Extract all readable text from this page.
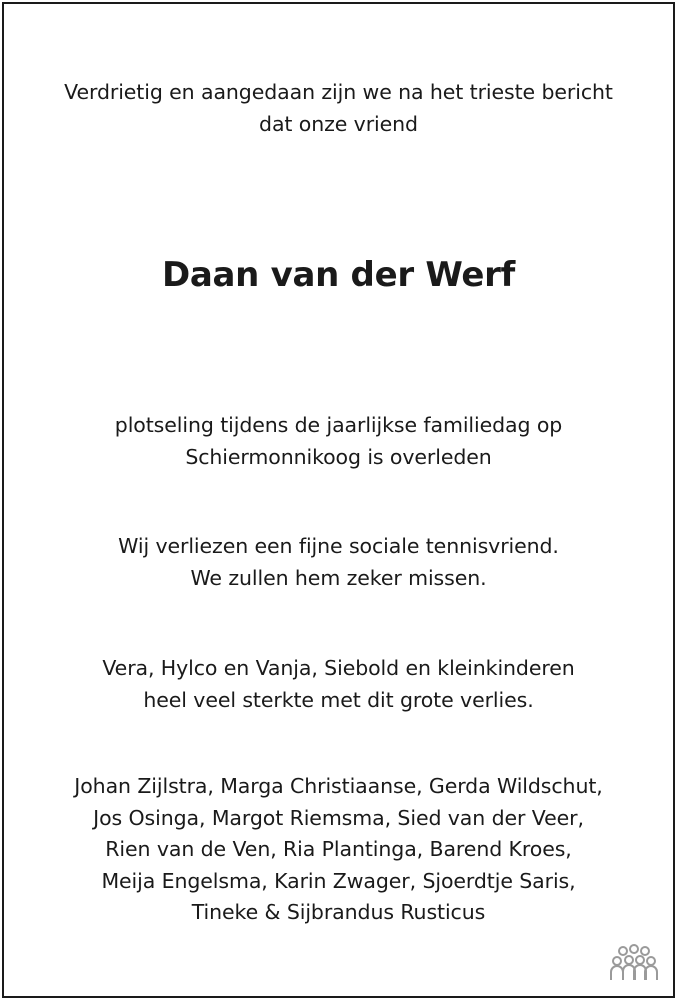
Verdrietig en aangedaan zijn we na het trieste bericht
dat onze vriend
Daan van der Werf
plotseling tijdens de jaarlijkse familiedag op
Schiermonnikoog is overleden
Wij verliezen een fijne sociale tennisvriend.
We zullen hem zeker missen.
Vera, Hylco en Vanja, Siebold en kleinkinderen
heel veel sterkte met dit grote verlies.
Johan Zijlstra, Marga Christiaanse, Gerda Wildschut,
Jos Osinga, Margot Riemsma, Sied van der Veer,
Rien van de Ven, Ria Plantinga, Barend Kroes,
Meija Engelsma, Karin Zwager, Sjoerdtje Saris,
Tineke & Sijbrandus Rusticus
